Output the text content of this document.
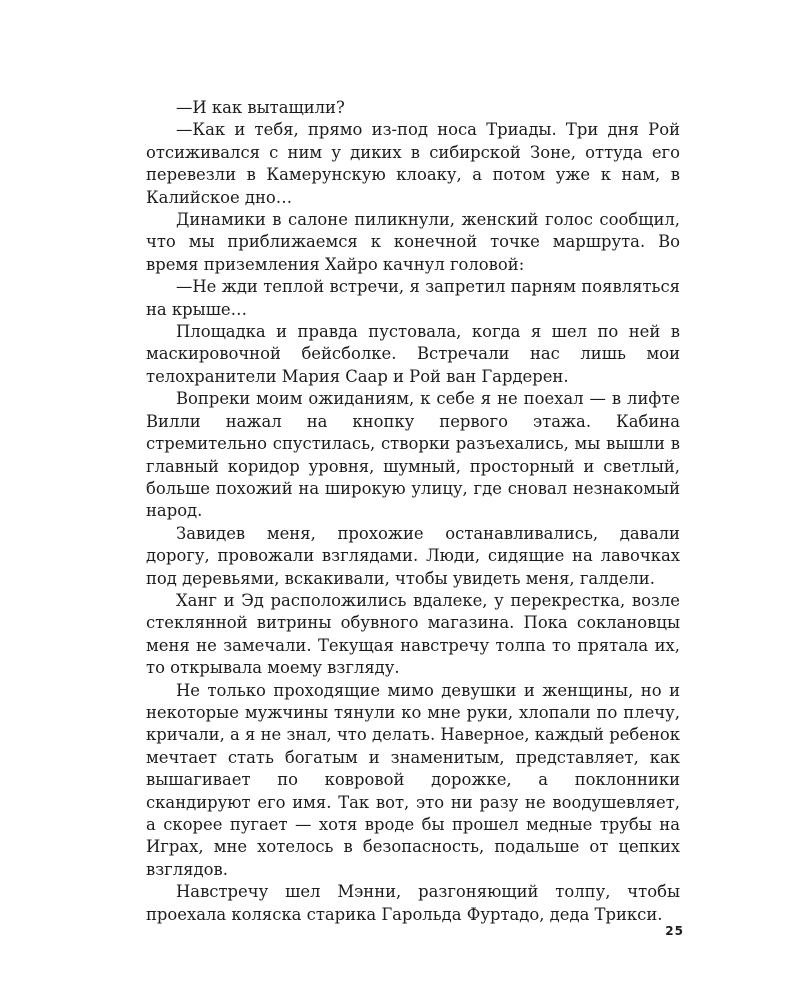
—И как вытащили?

—Как и тебя, прямо из-под носа Триады. Три дня Рой отсиживался с ним у диких в сибирской Зоне, оттуда его перевезли в Камерунскую клоаку, а потом уже к нам, в Калийское дно…

Динамики в салоне пиликнули, женский голос сообщил, что мы приближаемся к конечной точке маршрута. Во время приземления Хайро качнул головой:

—Не жди теплой встречи, я запретил парням появляться на крыше…

Площадка и правда пустовала, когда я шел по ней в маскировочной бейсболке. Встречали нас лишь мои телохранители Мария Саар и Рой ван Гардерен.

Вопреки моим ожиданиям, к себе я не поехал — в лифте Вилли нажал на кнопку первого этажа. Кабина стремительно спустилась, створки разъехались, мы вышли в главный коридор уровня, шумный, просторный и светлый, больше похожий на широкую улицу, где сновал незнакомый народ.

Завидев меня, прохожие останавливались, давали дорогу, провожали взглядами. Люди, сидящие на лавочках под деревьями, вскакивали, чтобы увидеть меня, галдели.

Ханг и Эд расположились вдалеке, у перекрестка, возле стеклянной витрины обувного магазина. Пока соклановцы меня не замечали. Текущая навстречу толпа то прятала их, то открывала моему взгляду.

Не только проходящие мимо девушки и женщины, но и некоторые мужчины тянули ко мне руки, хлопали по плечу, кричали, а я не знал, что делать. Наверное, каждый ребенок мечтает стать богатым и знаменитым, представляет, как вышагивает по ковровой дорожке, а поклонники скандируют его имя. Так вот, это ни разу не воодушевляет, а скорее пугает — хотя вроде бы прошел медные трубы на Играх, мне хотелось в безопасность, подальше от цепких взглядов.

Навстречу шел Мэнни, разгоняющий толпу, чтобы проехала коляска старика Гарольда Фуртадо, деда Трикси.

25
